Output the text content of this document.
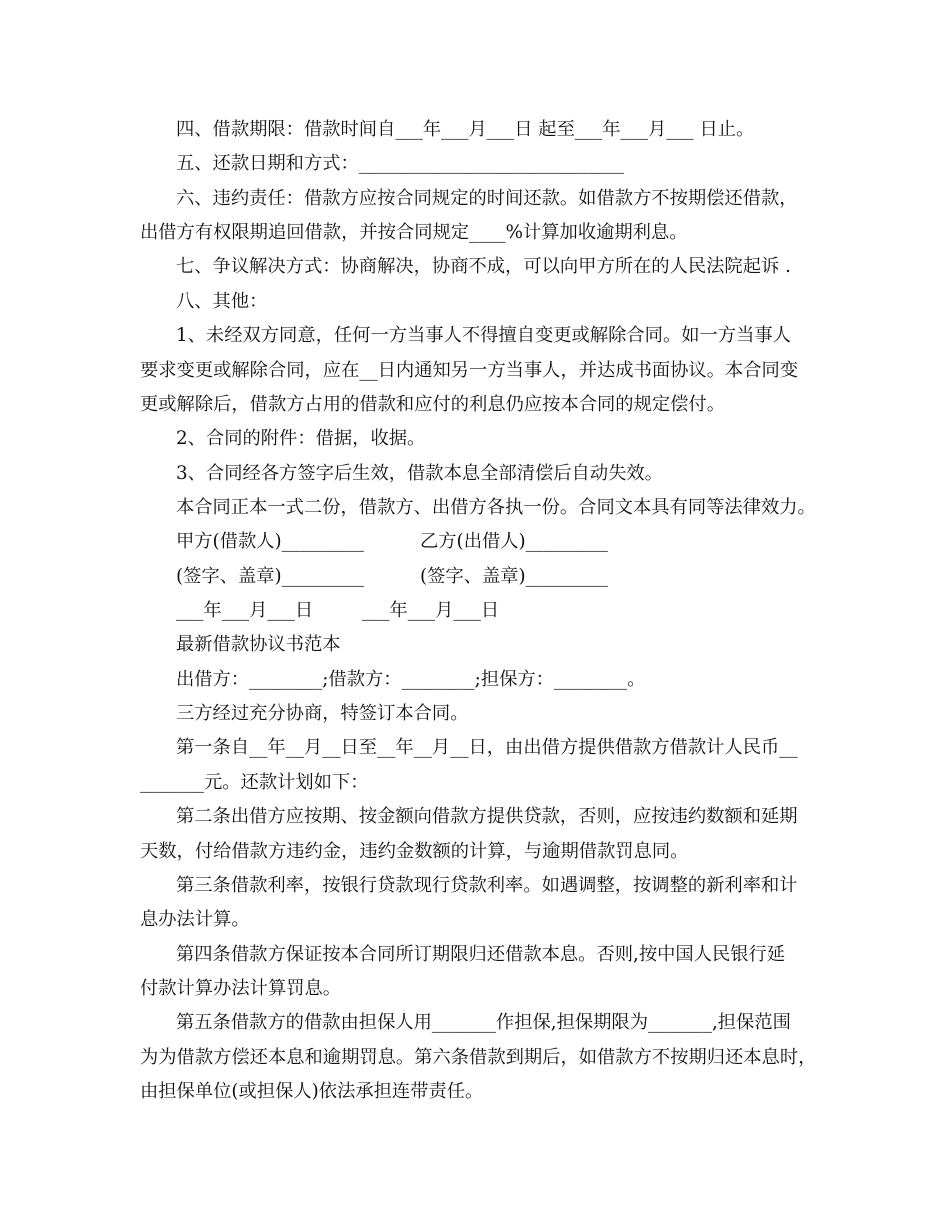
四、借款期限：借款时间自___年___月___日 起至___年___月___ 日止。
五、还款日期和方式：_____________________________
六、违约责任：借款方应按合同规定的时间还款。如借款方不按期偿还借款，
出借方有权限期追回借款，并按合同规定____%计算加收逾期利息。
七、争议解决方式：协商解决，协商不成，可以向甲方所在的人民法院起诉 .
八、其他：
1、未经双方同意，任何一方当事人不得擅自变更或解除合同。如一方当事人
要求变更或解除合同，应在__日内通知另一方当事人，并达成书面协议。本合同变
更或解除后，借款方占用的借款和应付的利息仍应按本合同的规定偿付。
2、合同的附件：借据，收据。
3、合同经各方签字后生效，借款本息全部清偿后自动失效。
本合同正本一式二份，借款方、出借方各执一份。合同文本具有同等法律效力。
甲方(借款人)_________	乙方(出借人)_________
(签字、盖章)_________	(签字、盖章)_________
___年___月___日	___年___月___日
最新借款协议书范本
出借方：________;借款方：________;担保方：________。
三方经过充分协商，特签订本合同。
第一条自__年__月__日至__年__月__日，由出借方提供借款方借款计人民币__
_______元。还款计划如下：
第二条出借方应按期、按金额向借款方提供贷款，否则，应按违约数额和延期
天数，付给借款方违约金，违约金数额的计算，与逾期借款罚息同。
第三条借款利率，按银行贷款现行贷款利率。如遇调整，按调整的新利率和计
息办法计算。
第四条借款方保证按本合同所订期限归还借款本息。否则,按中国人民银行延
付款计算办法计算罚息。
第五条借款方的借款由担保人用_______作担保,担保期限为_______,担保范围
为为借款方偿还本息和逾期罚息。第六条借款到期后，如借款方不按期归还本息时，
由担保单位(或担保人)依法承担连带责任。
